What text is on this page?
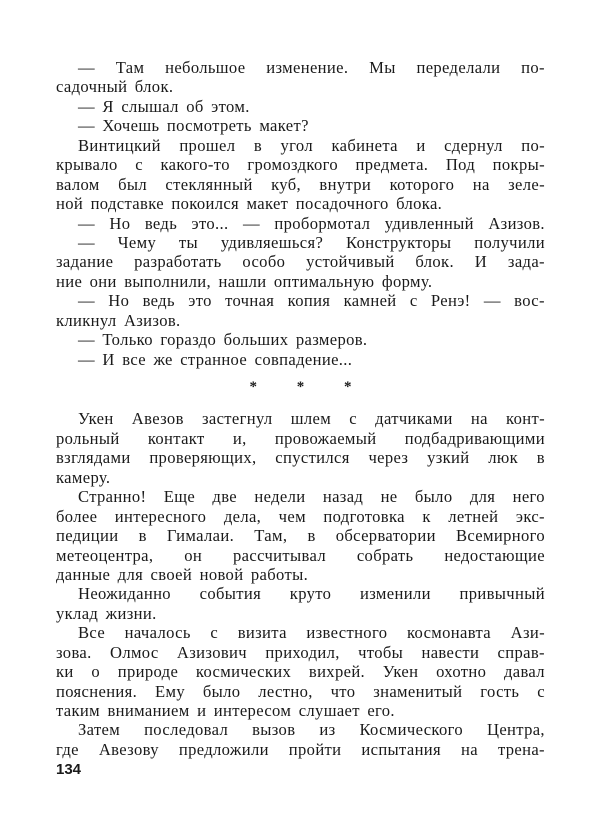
— Там небольшое изменение. Мы переделали по-
садочный блок.
— Я слышал об этом.
— Хочешь посмотреть макет?
Винтицкий прошел в угол кабинета и сдернул по-
крывало с какого-то громоздкого предмета. Под покры-
валом был стеклянный куб, внутри которого на зеле-
ной подставке покоился макет посадочного блока.
— Но ведь это... — пробормотал удивленный Азизов.
— Чему ты удивляешься? Конструкторы получили
задание разработать особо устойчивый блок. И зада-
ние они выполнили, нашли оптимальную форму.
— Но ведь это точная копия камней с Ренэ! — вос-
кликнул Азизов.
— Только гораздо больших размеров.
— И все же странное совпадение...
* * *
Укен Авезов застегнул шлем с датчиками на конт-
рольный контакт и, провожаемый подбадривающими
взглядами проверяющих, спустился через узкий люк в
камеру.
Странно! Еще две недели назад не было для него
более интересного дела, чем подготовка к летней экс-
педиции в Гималаи. Там, в обсерватории Всемирного
метеоцентра, он рассчитывал собрать недостающие
данные для своей новой работы.
Неожиданно события круто изменили привычный
уклад жизни.
Все началось с визита известного космонавта Ази-
зова. Олмос Азизович приходил, чтобы навести справ-
ки о природе космических вихрей. Укен охотно давал
пояснения. Ему было лестно, что знаменитый гость с
таким вниманием и интересом слушает его.
Затем последовал вызов из Космического Центра,
где Авезову предложили пройти испытания на трена-
134
